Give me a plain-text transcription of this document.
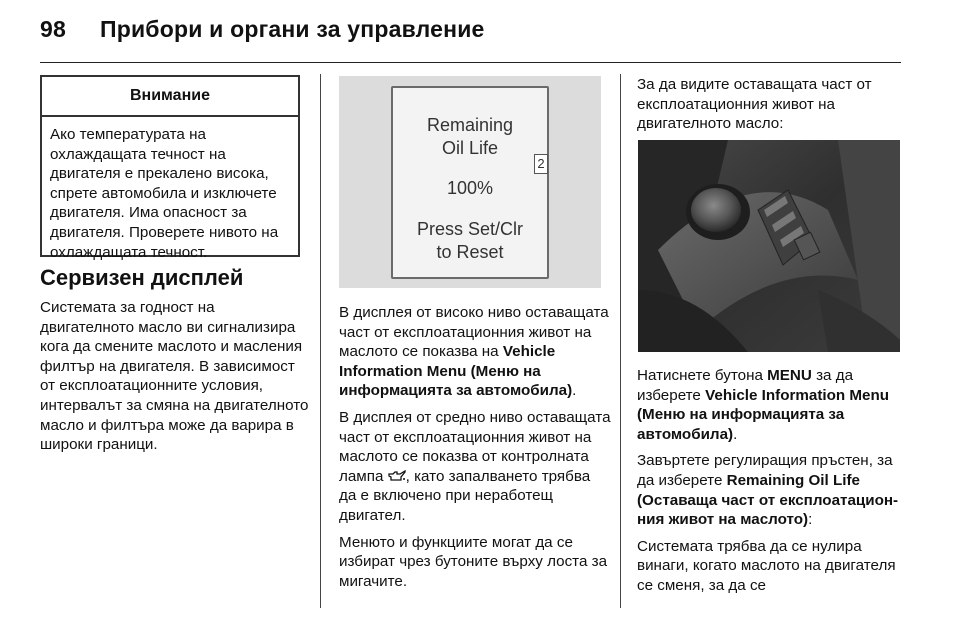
98 Прибори и органи за управление
Внимание
Ако температурата на охлаждащата течност на двигателя е прекалено висока, спрете автомобила и изключете двигателя. Има опасност за двигателя. Проверете нивото на охлаждащата течност.
Сервизен дисплей

Системата за годност на двигателното масло ви сигнализира кога да смените маслото и масления филтър на двигателя. В зависимост от експлоатационните условия, интервалът за смяна на двигателното масло и филтъра може да варира в широки граници.

Remaining
Oil Life
100%
Press Set/Clr
to Reset
2

В дисплея от високо ниво оставащата част от експлоатационния живот на маслото се показва на Vehicle Information Menu (Меню на информацията за автомобила).

В дисплея от средно ниво оставащата част от експлоатационния живот на маслото се показва от контролната лампа , като запалването трябва да е включено при неработещ двигател.

Менюто и функциите могат да се избират чрез бутоните върху лоста за мигачите.

За да видите оставащата част от експлоатационния живот на двигателното масло:

Натиснете бутона MENU за да изберете Vehicle Information Menu (Меню на информацията за автомобила).

Завъртете регулиращия пръстен, за да изберете Remaining Oil Life (Оставаща част от експлоатацион-ния живот на маслото):

Системата трябва да се нулира винаги, когато маслото на двигателя се сменя, за да се
